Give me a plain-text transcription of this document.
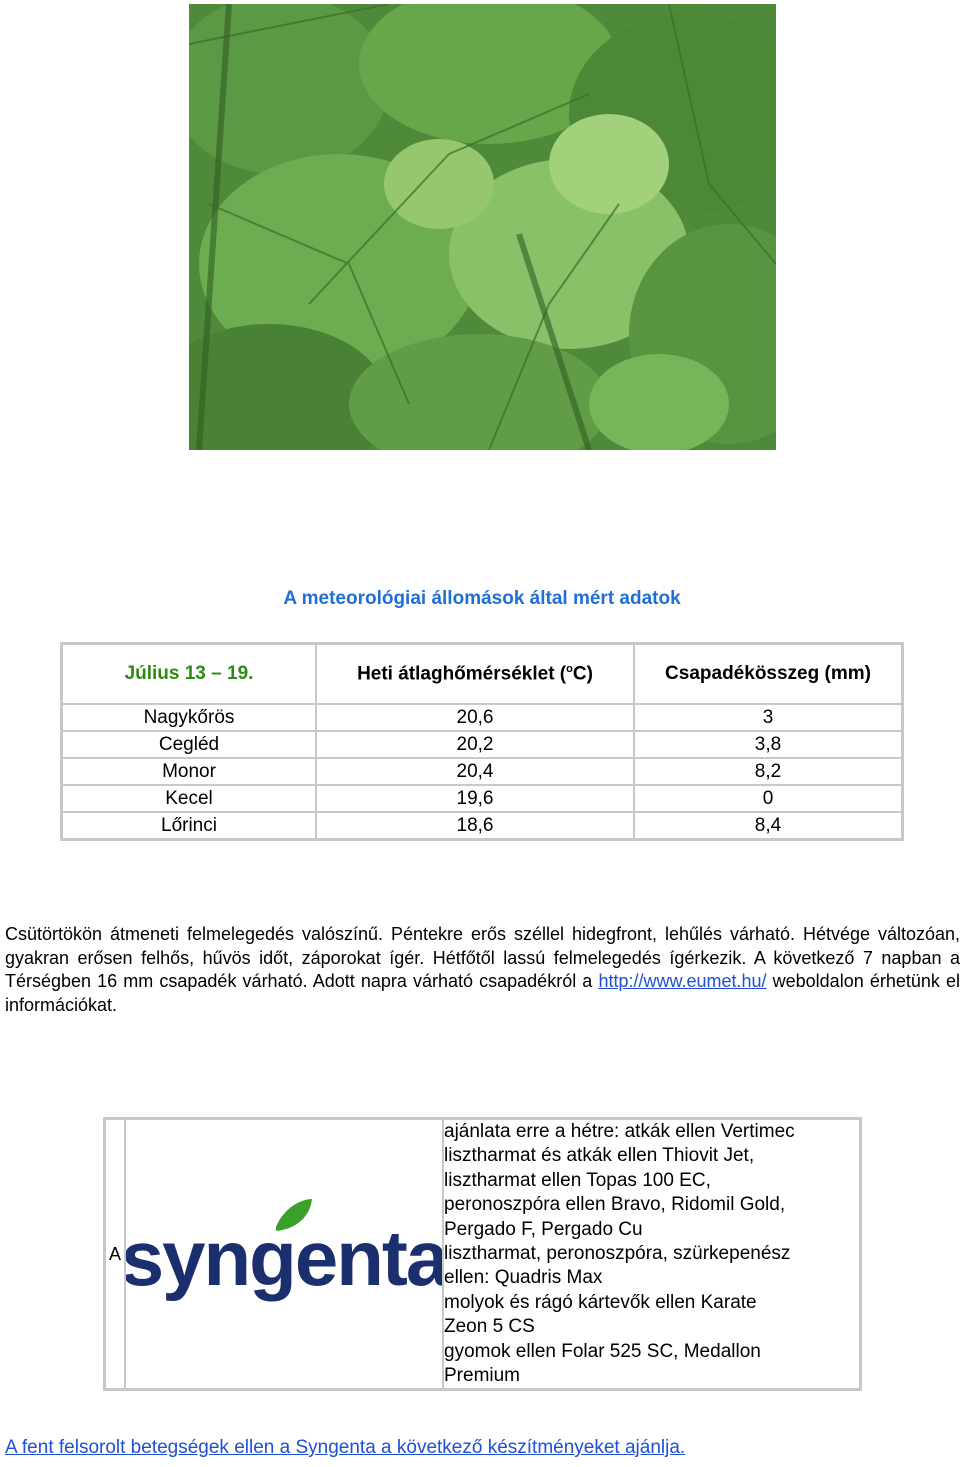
A meteorológiai állomások által mért adatok
Július 13 – 19.	Heti átlaghőmérséklet ($^o$C)	Csapadékösszeg (mm)
Nagykőrös	20,6	3
Cegléd	20,2	3,8
Monor	20,4	8,2
Kecel	19,6	0
Lőrinci	18,6	8,4
Csütörtökön átmeneti felmelegedés valószínű. Péntekre erős széllel hidegfront, lehűlés várható. Hétvége változóan, gyakran erősen felhős, hűvös időt, záporokat ígér. Hétfőtől lassú felmelegedés ígérkezik. A következő 7 napban a Térségben 16 mm csapadék várható. Adott napra várható csapadékról a http://www.eumet.hu/ weboldalon érhetünk el információkat.
A	syngenta

ajánlata erre a hétre: atkák ellen Vertimec
lisztharmat és atkák ellen Thiovit Jet,
lisztharmat ellen Topas 100 EC,
peronoszpóra ellen Bravo, Ridomil Gold,
Pergado F, Pergado Cu
lisztharmat, peronoszpóra, szürkepenész
ellen: Quadris Max
molyok és rágó kártevők ellen Karate
Zeon 5 CS
gyomok ellen Folar 525 SC, Medallon
Premium
A fent felsorolt betegségek ellen a Syngenta a következő készítményeket ajánlja.
